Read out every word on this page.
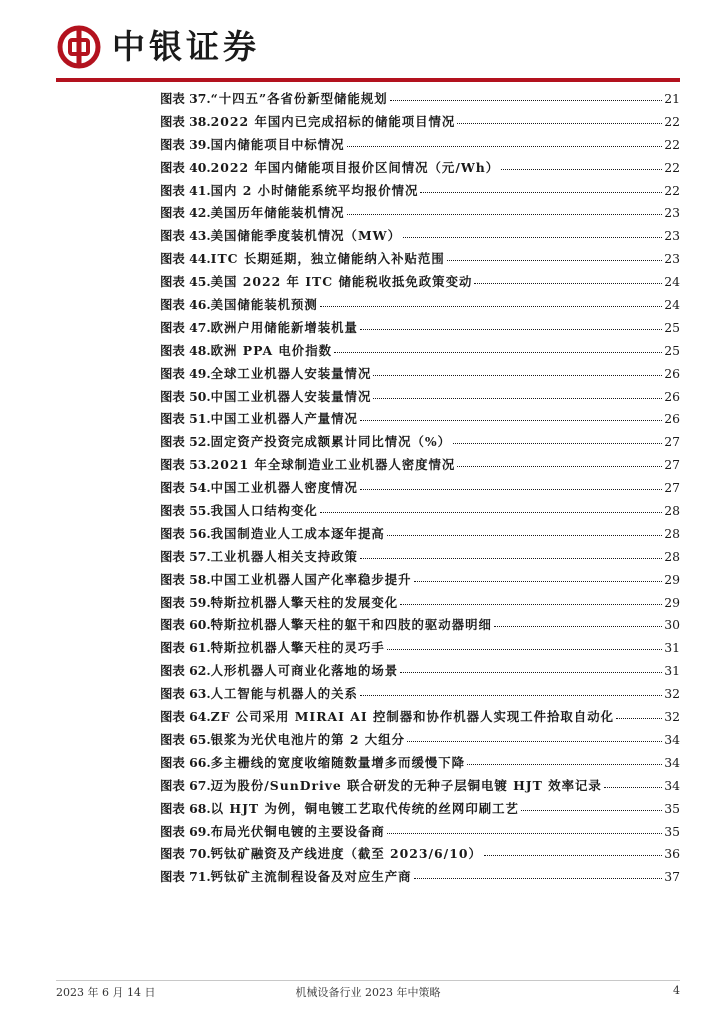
中银证券
图表 37. “十四五”各省份新型储能规划	21
图表 38. 2022 年国内已完成招标的储能项目情况	22
图表 39. 国内储能项目中标情况	22
图表 40. 2022 年国内储能项目报价区间情况（元/Wh）	22
图表 41. 国内 2 小时储能系统平均报价情况	22
图表 42. 美国历年储能装机情况	23
图表 43. 美国储能季度装机情况（MW）	23
图表 44. ITC 长期延期，独立储能纳入补贴范围	23
图表 45. 美国 2022 年 ITC 储能税收抵免政策变动	24
图表 46. 美国储能装机预测	24
图表 47. 欧洲户用储能新增装机量	25
图表 48. 欧洲 PPA 电价指数	25
图表 49. 全球工业机器人安装量情况	26
图表 50. 中国工业机器人安装量情况	26
图表 51. 中国工业机器人产量情况	26
图表 52. 固定资产投资完成额累计同比情况（%）	27
图表 53. 2021 年全球制造业工业机器人密度情况	27
图表 54. 中国工业机器人密度情况	27
图表 55. 我国人口结构变化	28
图表 56. 我国制造业人工成本逐年提高	28
图表 57. 工业机器人相关支持政策	28
图表 58. 中国工业机器人国产化率稳步提升	29
图表 59. 特斯拉机器人擎天柱的发展变化	29
图表 60. 特斯拉机器人擎天柱的躯干和四肢的驱动器明细	30
图表 61. 特斯拉机器人擎天柱的灵巧手	31
图表 62. 人形机器人可商业化落地的场景	31
图表 63. 人工智能与机器人的关系	32
图表 64. ZF 公司采用 MIRAI AI 控制器和协作机器人实现工件拾取自动化	32
图表 65. 银浆为光伏电池片的第 2 大组分	34
图表 66. 多主栅线的宽度收缩随数量增多而缓慢下降	34
图表 67. 迈为股份/SunDrive 联合研发的无种子层铜电镀 HJT 效率记录	34
图表 68. 以 HJT 为例，铜电镀工艺取代传统的丝网印刷工艺	35
图表 69. 布局光伏铜电镀的主要设备商	35
图表 70. 钙钛矿融资及产线进度（截至 2023/6/10）	36
图表 71. 钙钛矿主流制程设备及对应生产商	37
2023 年 6 月 14 日	机械设备行业 2023 年中策略	4
